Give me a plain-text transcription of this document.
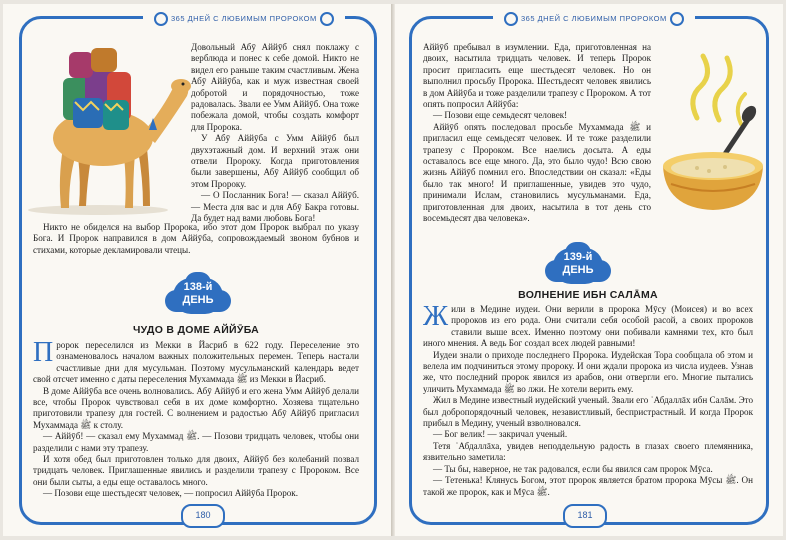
365 ДНЕЙ С ЛЮБИМЫМ ПРОРОКОМ

Довольный Абӯ Аййӯб снял поклажу с верблюда и понес к себе домой. Никто не видел его раньше таким счастливым. Жена Абӯ Аййӯба, как и муж известная своей добротой и порядочностью, тоже радовалась. Звали ее Умм Аййӯб. Она тоже побежала домой, чтобы создать комфорт для Пророка.

У Абӯ Аййӯба с Умм Аййӯб был двухэтажный дом. И верхний этаж они отвели Пророку. Когда приготовления были завершены, Абӯ Аййӯб сообщил об этом Пророку.

— О Посланник Бога! — сказал Аййӯб. — Места для вас и для Абӯ Бакра готовы. Да будет над вами любовь Бога!

Никто не обиделся на выбор Пророка, ибо этот дом Пророк выбрал по указу Бога. И Пророк направился в дом Аййӯба, сопровождаемый звоном бубнов и стихами, которые декламировали чтецы.

138-й
ДЕНЬ
ЧУДО В ДОМЕ АЙЙӮБА

Пророк переселился из Мекки в Йасриб в 622 году. Переселение это ознаменовалось началом важных положительных перемен. Теперь настали счастливые дни для мусульман. Поэтому мусульманский календарь ведет свой отсчет именно с даты переселения Мухаммада ﷺ из Мекки в Йасриб.

В доме Аййӯба все очень волновались. Абӯ Аййӯб и его жена Умм Аййӯб делали все, чтобы Пророк чувствовал себя в их доме комфортно. Хозяева тщательно приготовили трапезу для гостей. С волнением и радостью Абӯ Аййӯб пригласил Мухаммада ﷺ к столу.

— Аййӯб! — сказал ему Мухаммад ﷺ. — Позови тридцать человек, чтобы они разделили с нами эту трапезу.

И хотя обед был приготовлен только для двоих, Аййӯб без колебаний позвал тридцать человек. Приглашенные явились и разделили трапезу с Пророком. Все они были сыты, а еды еще оставалось много.

— Позови еще шестьдесят человек, — попросил Аййӯба Пророк.

180
365 ДНЕЙ С ЛЮБИМЫМ ПРОРОКОМ

Аййӯб пребывал в изумлении. Еда, приготовленная на двоих, насытила тридцать человек. И теперь Пророк просит пригласить еще шестьдесят человек. Но он выполнил просьбу Пророка. Шестьдесят человек явились в дом Аййӯба и тоже разделили трапезу с Пророком. А тот опять попросил Аййӯба:

— Позови еще семьдесят человек!

Аййӯб опять последовал просьбе Мухаммада ﷺ и пригласил еще семьдесят человек. И те тоже разделили трапезу с Пророком. Все наелись досыта. А еды оставалось все еще много. Да, это было чудо! Всю свою жизнь Аййӯб помнил его. Впоследствии он сказал: «Еды было так много! И приглашенные, увидев это чудо, принимали Ислам, становились мусульманами. Еда, приготовленная для двоих, насытила в тот день сто восемьдесят два человека».

139-й
ДЕНЬ
ВОЛНЕНИЕ ИБН САЛА̄МА

Жили в Медине иудеи. Они верили в пророка Мӯсу (Моисея) и во всех пророков из его рода. Они считали себя особой расой, а своих пророков ставили выше всех. Именно поэтому они побивали камнями тех, кто был иного мнения. А ведь Бог создал всех людей равными!

Иудеи знали о приходе последнего Пророка. Иудейская Тора сообщала об этом и велела им подчиниться этому пророку. И они ждали пророка из числа иудеев. Узнав же, что последний пророк явился из арабов, они отвергли его. Многие пытались уличить Мухаммада ﷺ во лжи. Не хотели верить ему.

Жил в Медине известный иудейский ученый. Звали его ʿАбдаллāх ибн Салāм. Это был добропорядочный человек, независтливый, беспристрастный. И когда Пророк прибыл в Медину, ученый взволновался.

— Бог велик! — закричал ученый.

Тетя ʿАбдаллāха, увидев неподдельную радость в глазах своего племянника, язвительно заметила:

— Ты бы, наверное, не так радовался, если бы явился сам пророк Мӯса.

— Тетенька! Клянусь Богом, этот пророк является братом пророка Мӯсы ﷺ. Он такой же пророк, как и Мӯса ﷺ.

181
